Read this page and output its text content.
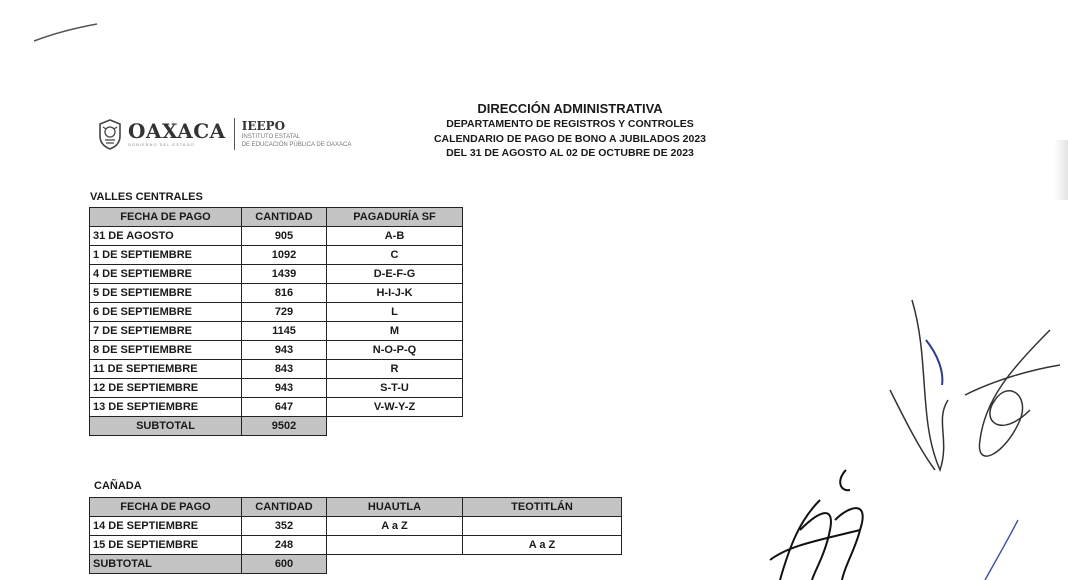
OAXACA
GOBIERNO DEL ESTADO
IEEPO
INSTITUTO ESTATAL
DE EDUCACIÓN PÚBLICA DE OAXACA
DIRECCIÓN ADMINISTRATIVA
DEPARTAMENTO DE REGISTROS Y CONTROLES
CALENDARIO DE PAGO DE BONO A JUBILADOS 2023
DEL 31 DE AGOSTO AL 02 DE OCTUBRE DE 2023
VALLES CENTRALES
FECHA DE PAGO	CANTIDAD	PAGADURÍA SF
31 DE AGOSTO	905	A-B
1 DE SEPTIEMBRE	1092	C
4 DE SEPTIEMBRE	1439	D-E-F-G
5 DE SEPTIEMBRE	816	H-I-J-K
6 DE SEPTIEMBRE	729	L
7 DE SEPTIEMBRE	1145	M
8 DE SEPTIEMBRE	943	N-O-P-Q
11 DE SEPTIEMBRE	843	R
12 DE SEPTIEMBRE	943	S-T-U
13 DE SEPTIEMBRE	647	V-W-Y-Z
SUBTOTAL	9502	
CAÑADA
FECHA DE PAGO	CANTIDAD	HUAUTLA	TEOTITLÁN
14 DE SEPTIEMBRE	352	A a Z	
15 DE SEPTIEMBRE	248		A a Z
SUBTOTAL	600		
